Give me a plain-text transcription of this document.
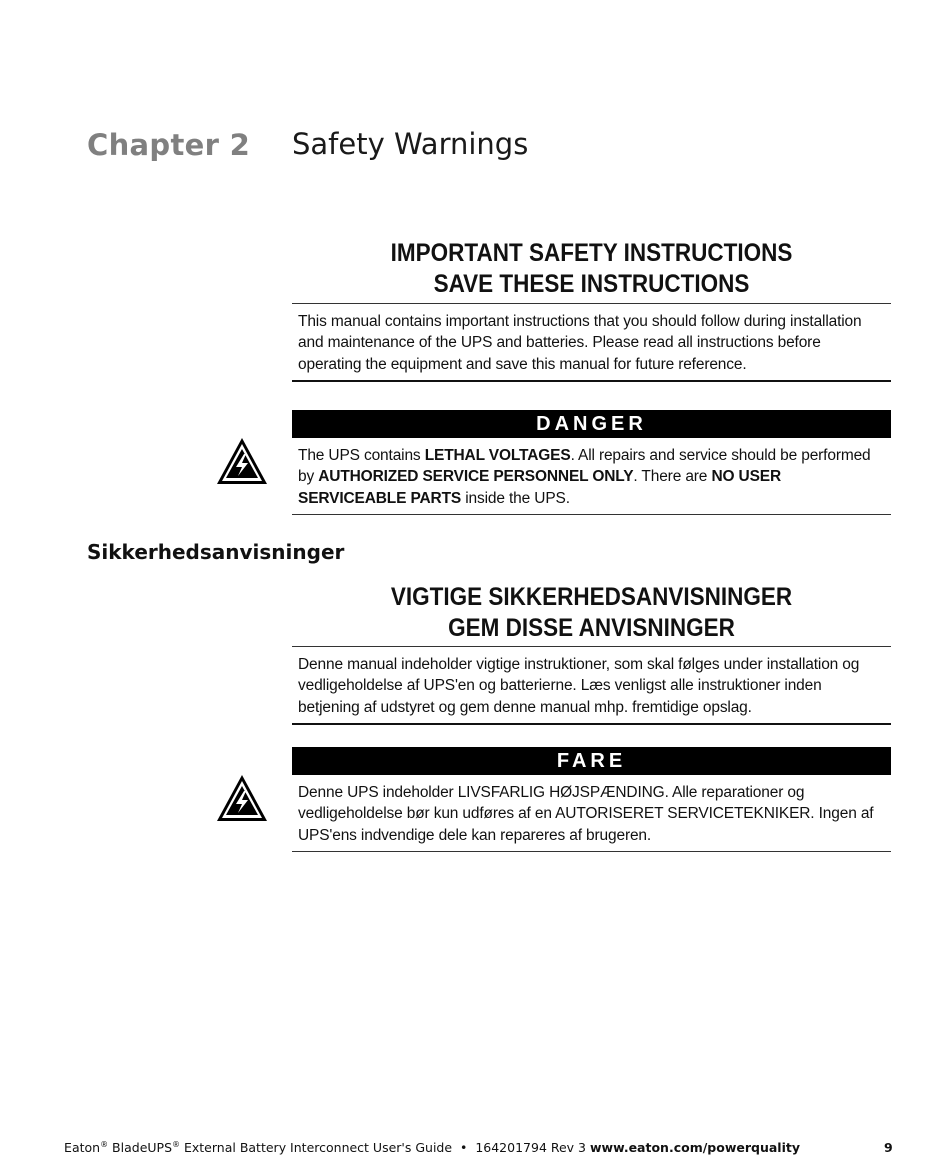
Chapter 2 Safety Warnings
IMPORTANT SAFETY INSTRUCTIONS
SAVE THESE INSTRUCTIONS
This manual contains important instructions that you should follow during installation and maintenance of the UPS and batteries. Please read all instructions before operating the equipment and save this manual for future reference.
DANGER
The UPS contains LETHAL VOLTAGES. All repairs and service should be performed by AUTHORIZED SERVICE PERSONNEL ONLY. There are NO USER SERVICEABLE PARTS inside the UPS.
Sikkerhedsanvisninger
VIGTIGE SIKKERHEDSANVISNINGER
GEM DISSE ANVISNINGER
Denne manual indeholder vigtige instruktioner, som skal følges under installation og vedligeholdelse af UPS'en og batterierne. Læs venligst alle instruktioner inden betjening af udstyret og gem denne manual mhp. fremtidige opslag.
FARE
Denne UPS indeholder LIVSFARLIG HØJSPÆNDING. Alle reparationer og vedligeholdelse bør kun udføres af en AUTORISERET SERVICETEKNIKER. Ingen af UPS'ens indvendige dele kan repareres af brugeren.
Eaton® BladeUPS® External Battery Interconnect User's Guide  •  164201794 Rev 3 www.eaton.com/powerquality	9
